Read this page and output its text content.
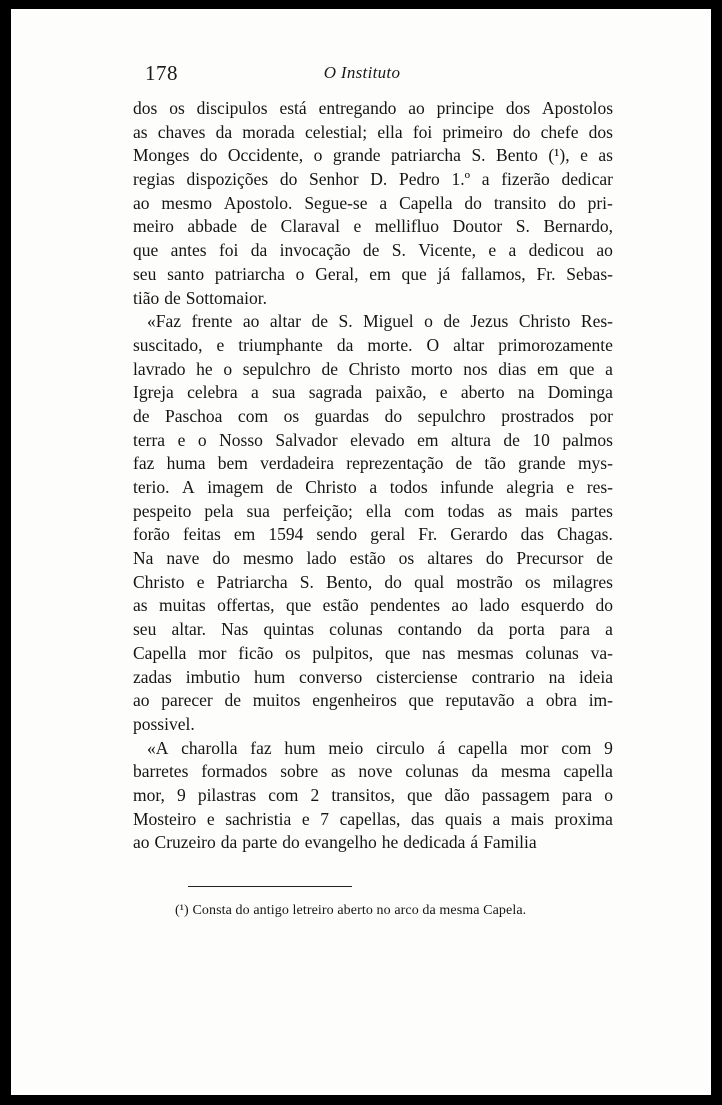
178	O Instituto
dos os discipulos está entregando ao principe dos Apostolos
as chaves da morada celestial; ella foi primeiro do chefe dos
Monges do Occidente, o grande patriarcha S. Bento (¹), e as
regias dispozições do Senhor D. Pedro 1.º a fizerão dedicar
ao mesmo Apostolo. Segue-se a Capella do transito do pri-
meiro abbade de Claraval e mellifluo Doutor S. Bernardo,
que antes foi da invocação de S. Vicente, e a dedicou ao
seu santo patriarcha o Geral, em que já fallamos, Fr. Sebas-
tião de Sottomaior.
«Faz frente ao altar de S. Miguel o de Jezus Christo Res-
suscitado, e triumphante da morte. O altar primorozamente
lavrado he o sepulchro de Christo morto nos dias em que a
Igreja celebra a sua sagrada paixão, e aberto na Dominga
de Paschoa com os guardas do sepulchro prostrados por
terra e o Nosso Salvador elevado em altura de 10 palmos
faz huma bem verdadeira reprezentação de tão grande mys-
terio. A imagem de Christo a todos infunde alegria e res-
pespeito pela sua perfeição; ella com todas as mais partes
forão feitas em 1594 sendo geral Fr. Gerardo das Chagas.
Na nave do mesmo lado estão os altares do Precursor de
Christo e Patriarcha S. Bento, do qual mostrão os milagres
as muitas offertas, que estão pendentes ao lado esquerdo do
seu altar. Nas quintas colunas contando da porta para a
Capella mor ficão os pulpitos, que nas mesmas colunas va-
zadas imbutio hum converso cisterciense contrario na ideia
ao parecer de muitos engenheiros que reputavão a obra im-
possivel.
«A charolla faz hum meio circulo á capella mor com 9
barretes formados sobre as nove colunas da mesma capella
mor, 9 pilastras com 2 transitos, que dão passagem para o
Mosteiro e sachristia e 7 capellas, das quais a mais proxima
ao Cruzeiro da parte do evangelho he dedicada á Familia
(¹) Consta do antigo letreiro aberto no arco da mesma Capela.
